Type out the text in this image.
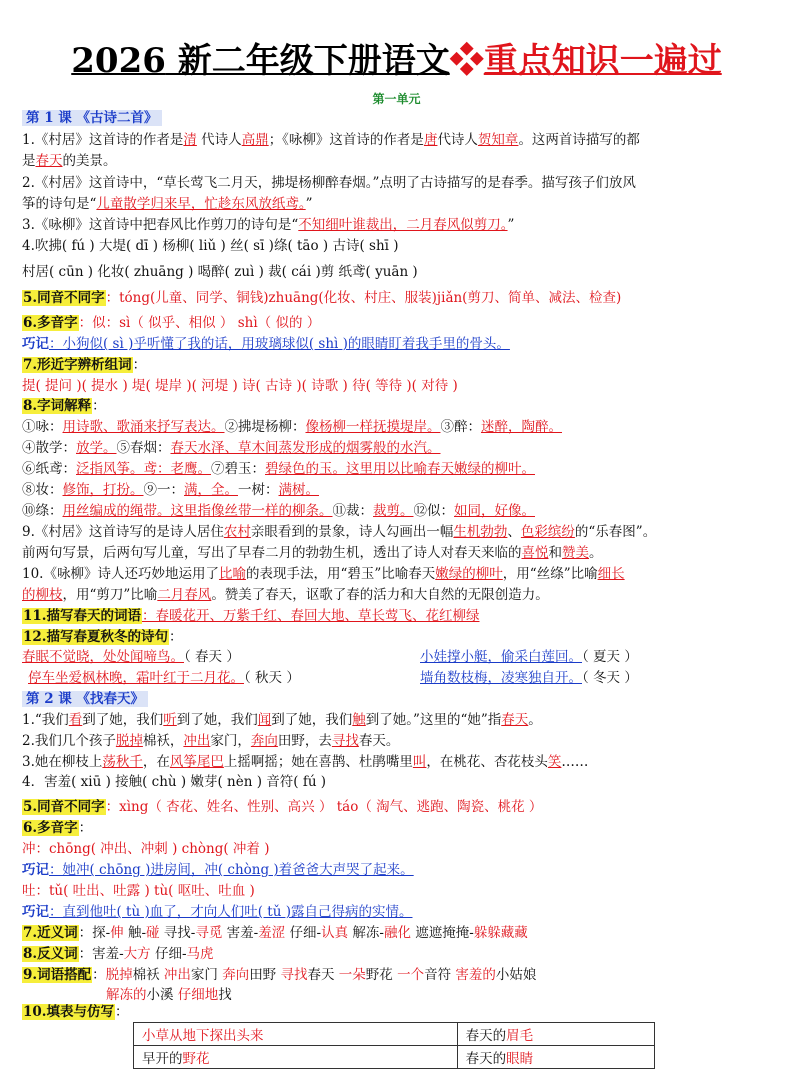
2026 新二年级下册语文❖重点知识一遍过
第一单元
第 1 课 《古诗二首》
1.《村居》这首诗的作者是清 代诗人高鼎；《咏柳》这首诗的作者是唐代诗人贺知章。这两首诗描写的都
是春天的美景。
2.《村居》这首诗中，“草长莺飞二月天，拂堤杨柳醉春烟。”点明了古诗描写的是春季。描写孩子们放风
筝的诗句是“儿童散学归来早，忙趁东风放纸鸢。”
3.《咏柳》这首诗中把春风比作剪刀的诗句是“不知细叶谁裁出，二月春风似剪刀。”
4.吹拂( fú ) 大堤( dī ) 杨柳( liǔ ) 丝( sī )绦( tāo ) 古诗( shī )
村居( cūn ) 化妆( zhuāng ) 喝醉( zuì ) 裁( cái )剪 纸鸢( yuān )
5.同音不同字：tóng(儿童、同学、铜钱)zhuāng(化妆、村庄、服装)jiǎn(剪刀、简单、减法、检查)
6.多音字：似：sì（ 似乎、相似 ） shì（ 似的 ）
巧记：小狗似( sì )乎听懂了我的话，用玻璃球似( shì )的眼睛盯着我手里的骨头。
7.形近字辨析组词：
提( 提问 )( 提水 ) 堤( 堤岸 )( 河堤 ) 诗( 古诗 )( 诗歌 ) 待( 等待 )( 对待 )
8.字词解释：
①咏：用诗歌、歌涌来抒写表达。②拂堤杨柳：像杨柳一样抚摸堤岸。③醉：迷醉，陶醉。
④散学：放学。⑤春烟：春天水泽、草木间蒸发形成的烟雾般的水汽。
⑥纸鸢：泛指风筝。鸢：老鹰。⑦碧玉：碧绿色的玉。这里用以比喻春天嫩绿的柳叶。
⑧妆：修饰，打扮。⑨一：满，全。一树：满树。
⑩绦：用丝编成的绳带。这里指像丝带一样的柳条。⑪裁：裁剪。⑫似：如同，好像。
9.《村居》这首诗写的是诗人居住农村亲眼看到的景象，诗人勾画出一幅生机勃勃、色彩缤纷的“乐春图”。
前两句写景，后两句写儿童，写出了早春二月的勃勃生机，透出了诗人对春天来临的喜悦和赞美。
10.《咏柳》诗人还巧妙地运用了比喻的表现手法，用“碧玉”比喻春天嫩绿的柳叶，用“丝绦”比喻细长
的柳枝，用“剪刀”比喻二月春风。赞美了春天，讴歌了春的活力和大自然的无限创造力。
11.描写春天的词语：春暖花开、万紫千红、春回大地、草长莺飞、花红柳绿
12.描写春夏秋冬的诗句：
春眠不觉晓，处处闻啼鸟。（ 春天 ）	小娃撑小艇，偷采白莲回。（ 夏天 ）
停车坐爱枫林晚，霜叶红于二月花。（ 秋天 ）	墙角数枝梅，凌寒独自开。（ 冬天 ）
第 2 课 《找春天》
1.“我们看到了她，我们听到了她，我们闻到了她，我们触到了她。”这里的“她”指春天。
2.我们几个孩子脱掉棉袄，冲出家门，奔向田野，去寻找春天。
3.她在柳枝上荡秋千，在风筝尾巴上摇啊摇；她在喜鹊、杜鹃嘴里叫，在桃花、杏花枝头笑……
4．害羞( xiū ) 接触( chù ) 嫩芽( nèn ) 音符( fú )
5.同音不同字：xìng（ 杏花、姓名、性别、高兴 ） táo（ 淘气、逃跑、陶瓷、桃花 ）
6.多音字：
冲：chōng( 冲出、冲刺 ) chòng( 冲着 )
巧记：她冲( chōng )进房间，冲( chòng )着爸爸大声哭了起来。
吐：tǔ( 吐出、吐露 ) tù( 呕吐、吐血 )
巧记：直到他吐( tù )血了，才向人们吐( tǔ )露自己得病的实情。
7.近义词：探-伸 触-碰 寻找-寻觅 害羞-羞涩 仔细-认真 解冻-融化 遮遮掩掩-躲躲藏藏
8.反义词：害羞-大方 仔细-马虎
9.词语搭配：脱掉棉袄 冲出家门 奔向田野 寻找春天 一朵野花 一个音符 害羞的小姑娘
解冻的小溪 仔细地找
10.填表与仿写：
小草从地下探出头来	春天的眉毛
早开的野花	春天的眼睛
